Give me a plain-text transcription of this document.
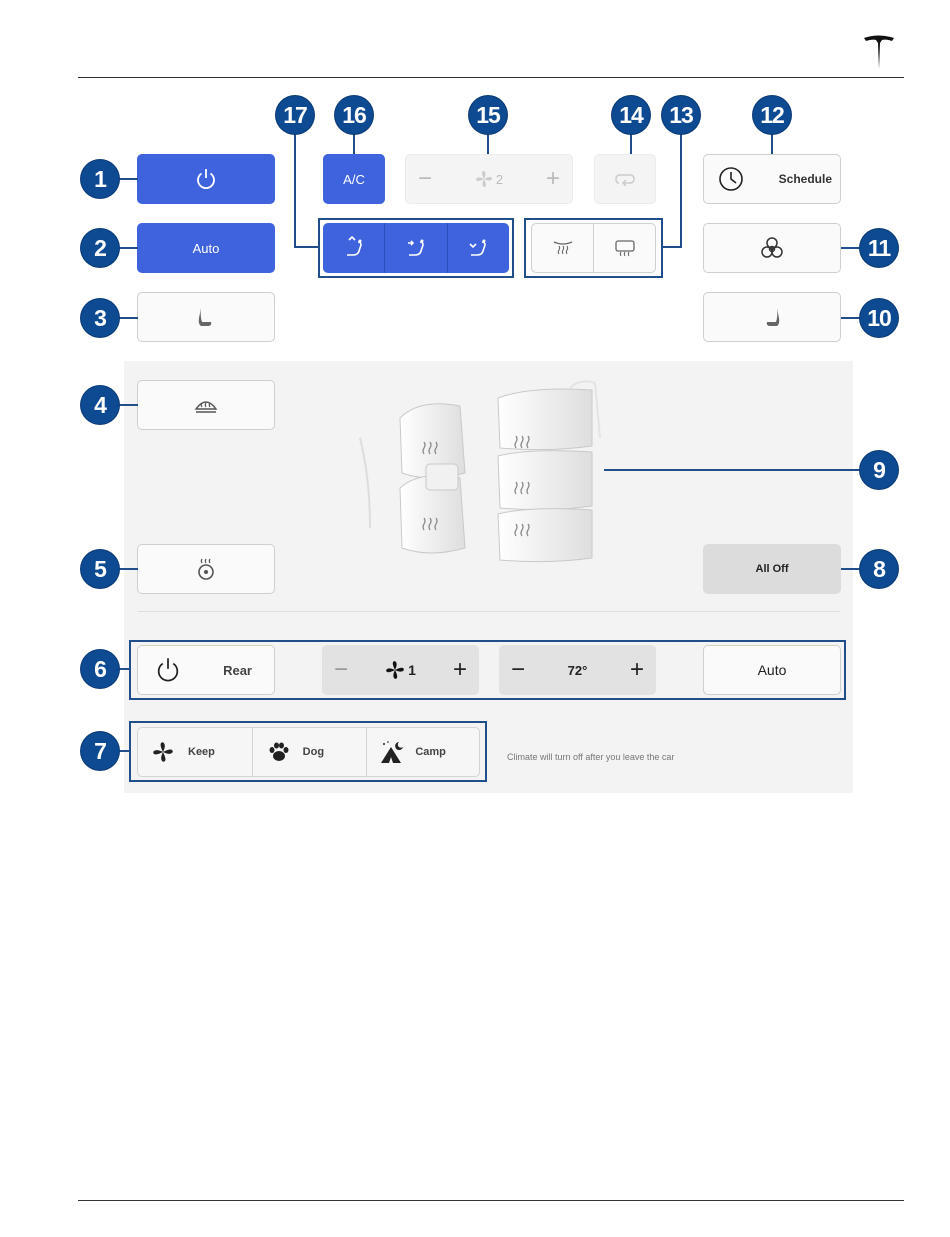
Auto
A/C −	2 +	Schedule
All Off
Rear	−	1 + −	72° +	Auto
Keep	Dog	Camp	Climate will turn off after you leave the car
1
2
3
4
5
6
7
8
9
10
11
12
13
14
15
16
17
